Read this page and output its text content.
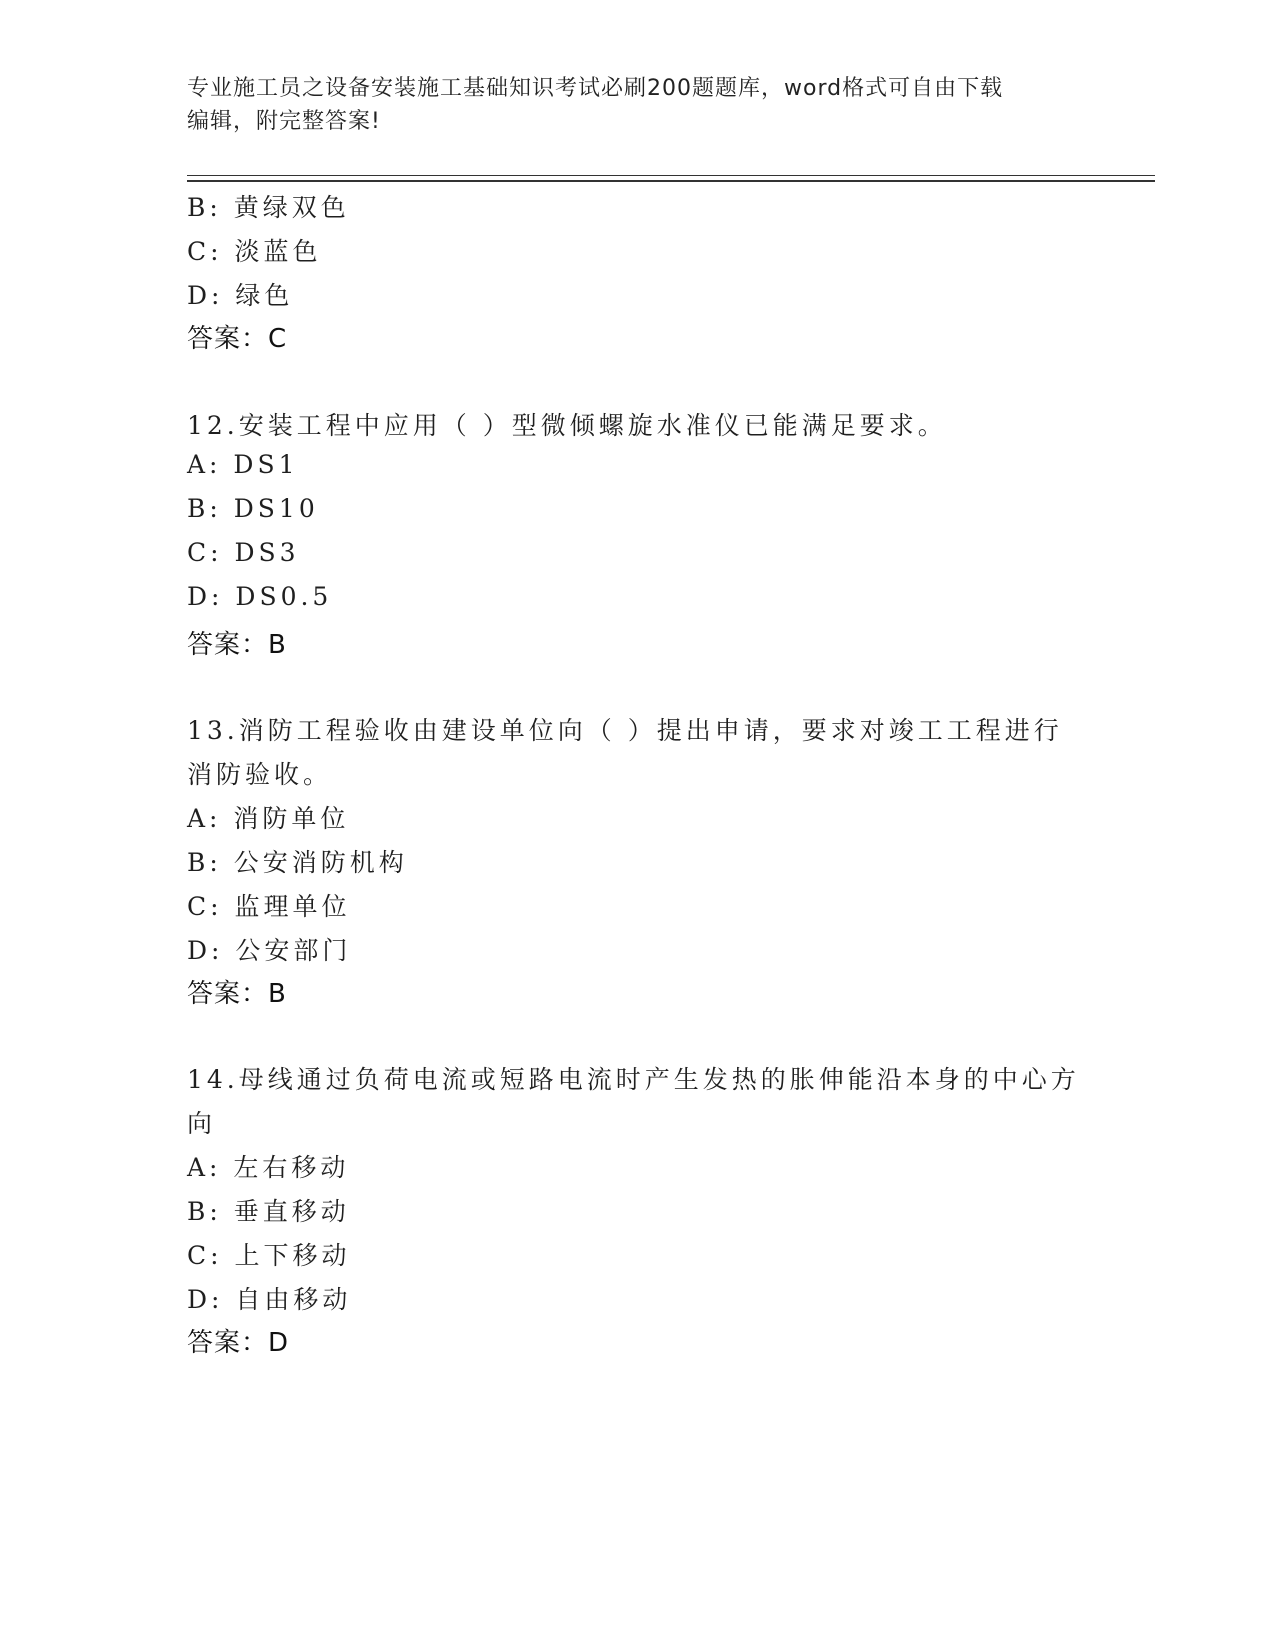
专业施工员之设备安装施工基础知识考试必刷200题题库，word格式可自由下载
编辑，附完整答案!
B: 黄绿双色
C: 淡蓝色
D: 绿色
答案：C
12.安装工程中应用（ ）型微倾螺旋水准仪已能满足要求。
A: DS1
B: DS10
C: DS3
D: DS0.5
答案：B
13.消防工程验收由建设单位向（ ）提出申请，要求对竣工工程进行
消防验收。
A: 消防单位
B: 公安消防机构
C: 监理单位
D: 公安部门
答案：B
14.母线通过负荷电流或短路电流时产生发热的胀伸能沿本身的中心方
向
A: 左右移动
B: 垂直移动
C: 上下移动
D: 自由移动
答案：D
